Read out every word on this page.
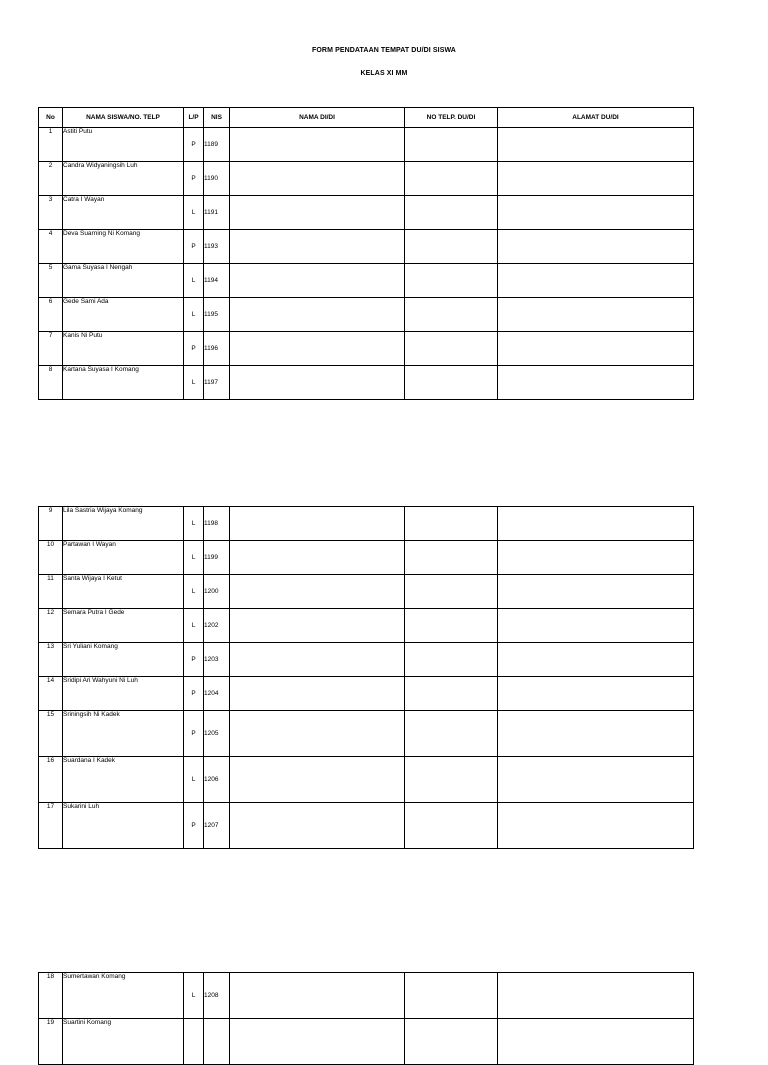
FORM PENDATAAN TEMPAT DU/DI SISWA
KELAS XI MM
No	NAMA SISWA/NO. TELP	L/P	NIS	NAMA DI/DI	NO TELP. DU/DI	ALAMAT DU/DI
1	Astiti Putu	P	1189			
2	Candra Widyaningsih Luh	P	1190			
3	Catra I Wayan	L	1191			
4	Deva Suarning Ni Komang	P	1193			
5	Gama Suyasa I Nengah	L	1194			
6	Gede Sami Ada	L	1195			
7	Kanis Ni Putu	P	1196			
8	Kartana Suyasa I Komang	L	1197			
9	Lila Sastria Wijaya Komang	L	1198			
10	Partawan I Wayan	L	1199			
11	Santa Wijaya I Ketut	L	1200			
12	Semara Putra I Gede	L	1202			
13	Sri Yuliani Komang	P	1203			
14	Sridipi Ari Wahyuni Ni Luh	P	1204			
15	Sriningsih Ni Kadek	P	1205			
16	Suardana I Kadek	L	1206			
17	Sukarini Luh	P	1207			
18	Sumertawan Komang	L	1208			
19	Suartini Komang					
